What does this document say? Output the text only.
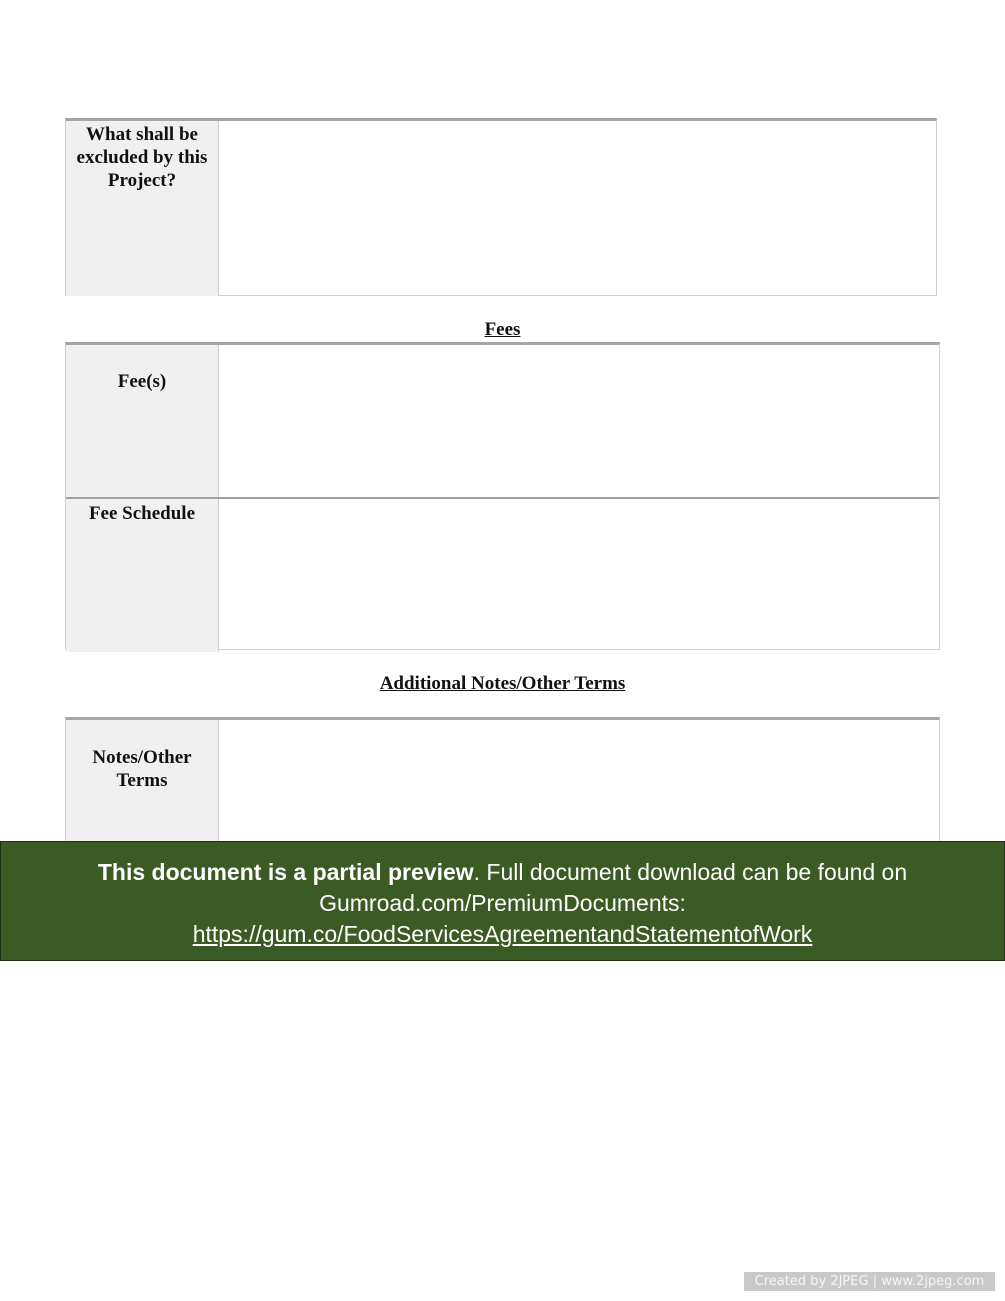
What shall be excluded by this Project?
Fees
Fee(s)
Fee Schedule
Additional Notes/Other Terms
Notes/Other Terms
This document is a partial preview. Full document download can be found on Gumroad.com/PremiumDocuments:
https://gum.co/FoodServicesAgreementandStatementofWork
Created by 2JPEG | www.2jpeg.com
